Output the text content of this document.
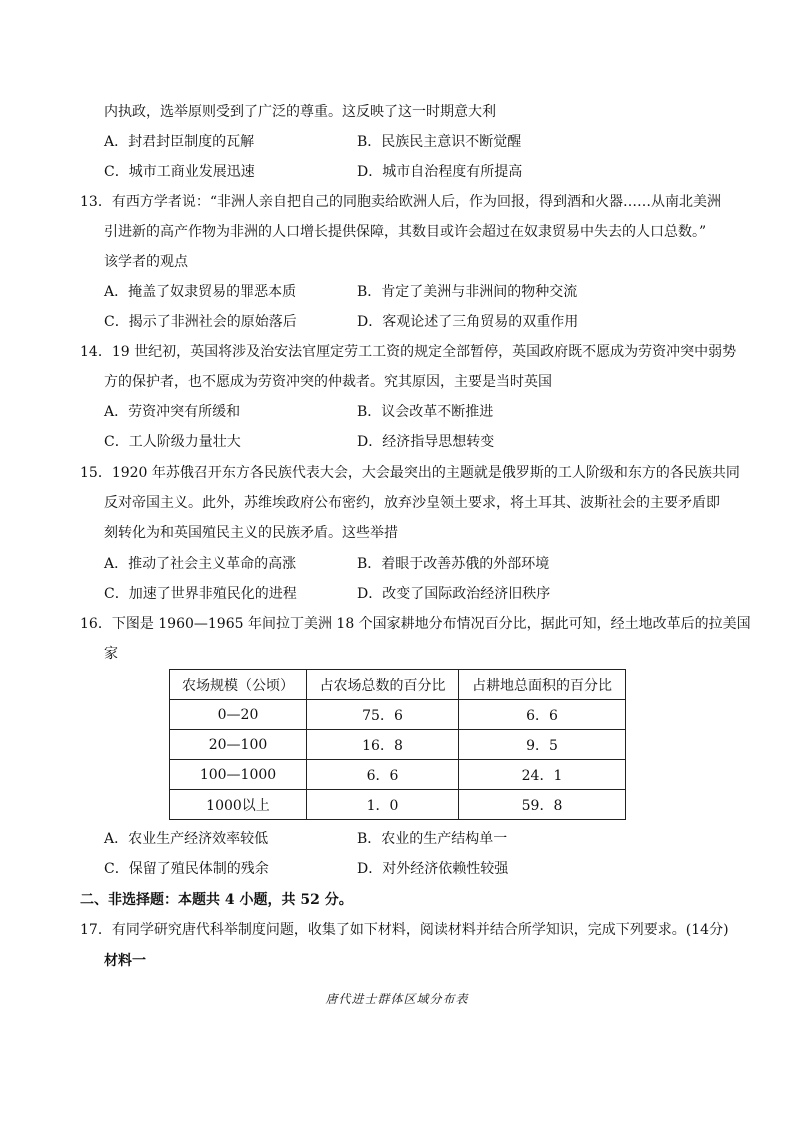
内执政，选举原则受到了广泛的尊重。这反映了这一时期意大利
A．封君封臣制度的瓦解	B．民族民主意识不断觉醒
C．城市工商业发展迅速	D．城市自治程度有所提高
13．有西方学者说：“非洲人亲自把自己的同胞卖给欧洲人后，作为回报，得到酒和火器……从南北美洲
引进新的高产作物为非洲的人口增长提供保障，其数目或许会超过在奴隶贸易中失去的人口总数。”
该学者的观点
A．掩盖了奴隶贸易的罪恶本质	B．肯定了美洲与非洲间的物种交流
C．揭示了非洲社会的原始落后	D．客观论述了三角贸易的双重作用
14．19 世纪初，英国将涉及治安法官厘定劳工工资的规定全部暂停，英国政府既不愿成为劳资冲突中弱势
方的保护者，也不愿成为劳资冲突的仲裁者。究其原因，主要是当时英国
A．劳资冲突有所缓和	B．议会改革不断推进
C．工人阶级力量壮大	D．经济指导思想转变
15．1920 年苏俄召开东方各民族代表大会，大会最突出的主题就是俄罗斯的工人阶级和东方的各民族共同
反对帝国主义。此外，苏维埃政府公布密约，放弃沙皇领土要求，将土耳其、波斯社会的主要矛盾即
刻转化为和英国殖民主义的民族矛盾。这些举措
A．推动了社会主义革命的高涨	B．着眼于改善苏俄的外部环境
C．加速了世界非殖民化的进程	D．改变了国际政治经济旧秩序
16．下图是 1960—1965 年间拉丁美洲 18 个国家耕地分布情况百分比，据此可知，经土地改革后的拉美国
家
农场规模（公顷）	占农场总数的百分比	占耕地总面积的百分比
0—20	75．6	6．6
20—100	16．8	9．5
100—1000	6．6	24．1
1000以上	1．0	59．8
A．农业生产经济效率较低	B．农业的生产结构单一
C．保留了殖民体制的残余	D．对外经济依赖性较强
二、非选择题：本题共 4 小题，共 52 分。
17．有同学研究唐代科举制度问题，收集了如下材料，阅读材料并结合所学知识，完成下列要求。(14分)
材料一
唐代进士群体区域分布表
